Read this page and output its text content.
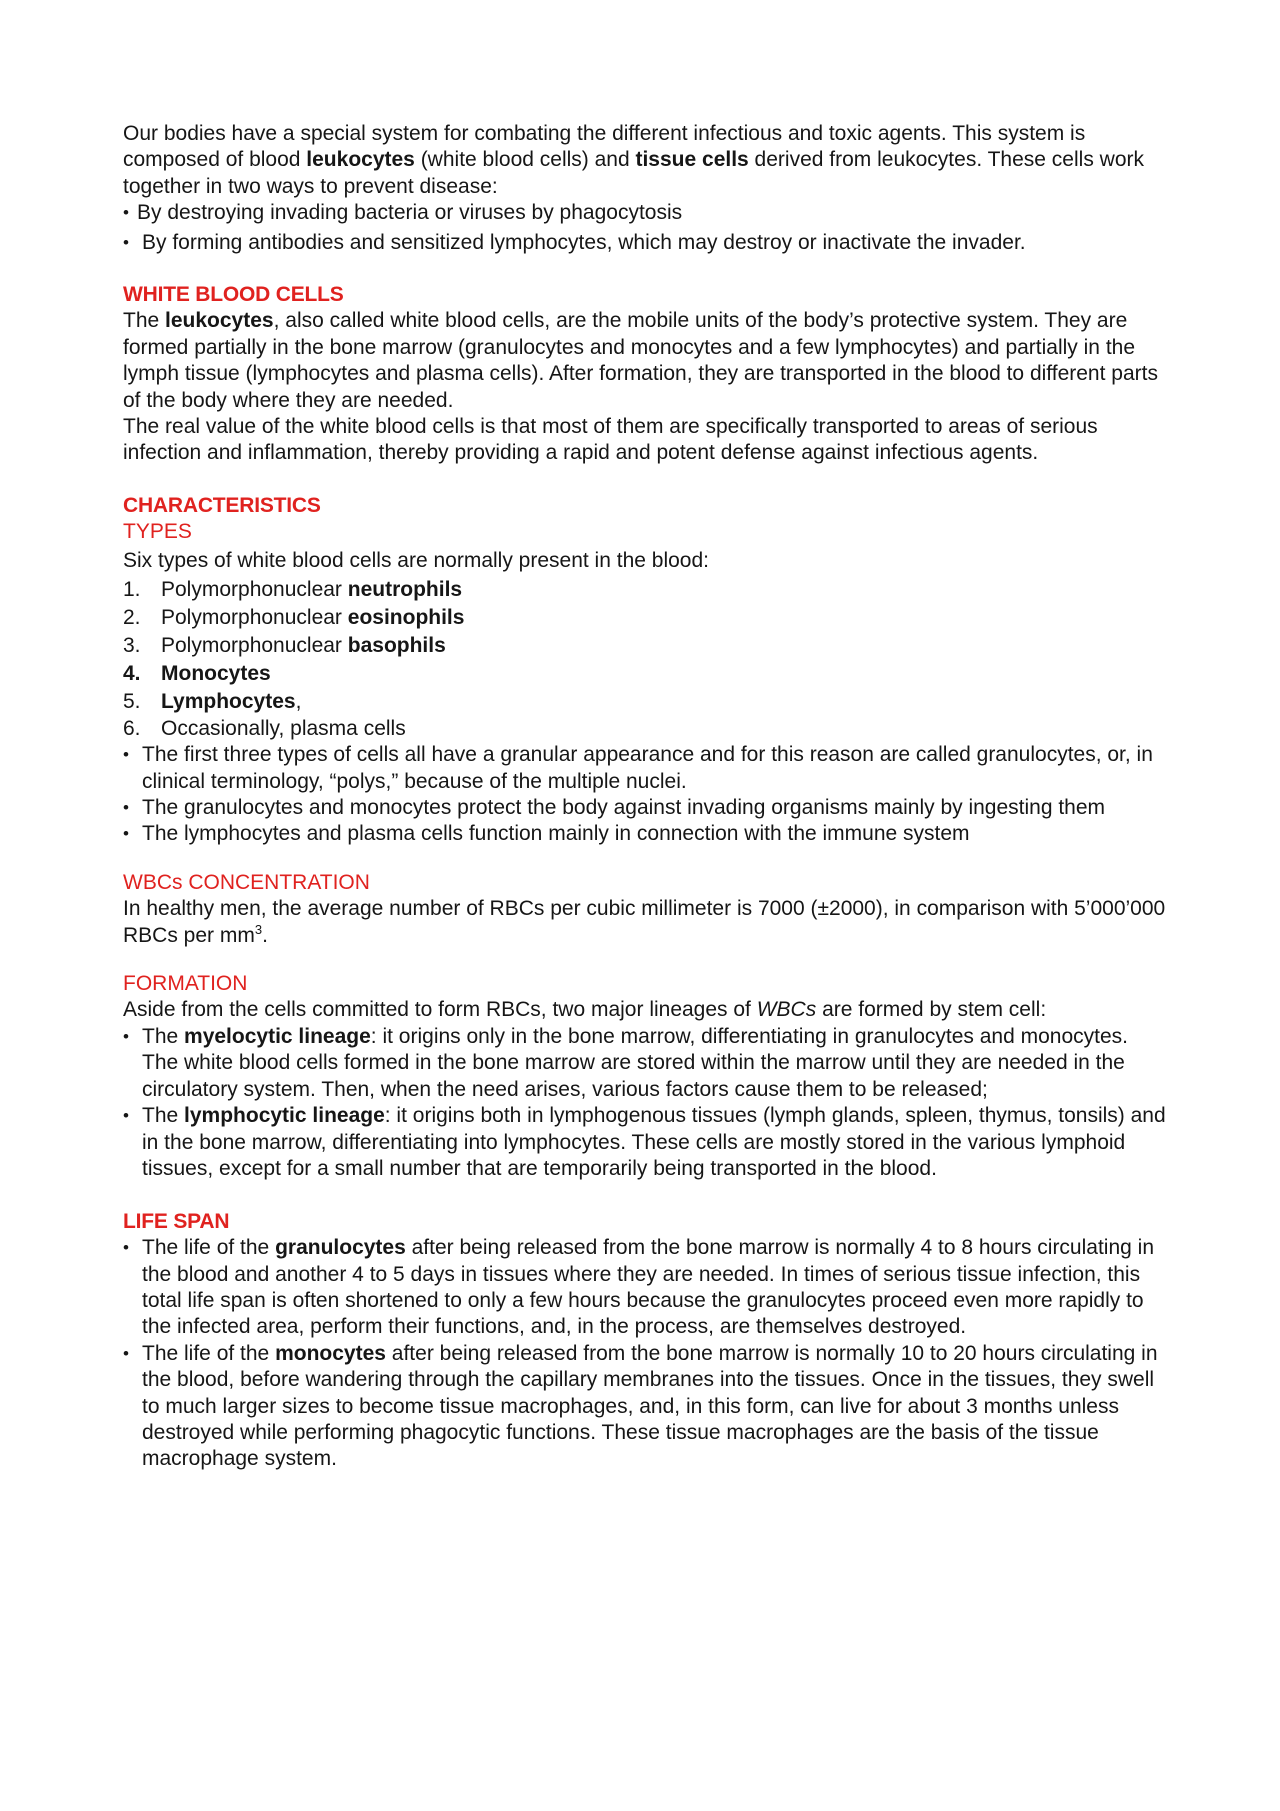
Our bodies have a special system for combating the different infectious and toxic agents. This system is composed of blood leukocytes (white blood cells) and tissue cells derived from leukocytes. These cells work together in two ways to prevent disease:

• By destroying invading bacteria or viruses by phagocytosis
• By forming antibodies and sensitized lymphocytes, which may destroy or inactivate the invader.
WHITE BLOOD CELLS

The leukocytes, also called white blood cells, are the mobile units of the body’s protective system. They are formed partially in the bone marrow (granulocytes and monocytes and a few lymphocytes) and partially in the lymph tissue (lymphocytes and plasma cells). After formation, they are transported in the blood to different parts of the body where they are needed.

The real value of the white blood cells is that most of them are specifically transported to areas of serious infection and inflammation, thereby providing a rapid and potent defense against infectious agents.

CHARACTERISTICS
TYPES

Six types of white blood cells are normally present in the blood:

1. Polymorphonuclear neutrophils
2. Polymorphonuclear eosinophils
3. Polymorphonuclear basophils
4. Monocytes
5. Lymphocytes,
6. Occasionally, plasma cells
• The first three types of cells all have a granular appearance and for this reason are called granulocytes, or, in clinical terminology, “polys,” because of the multiple nuclei.
• The granulocytes and monocytes protect the body against invading organisms mainly by ingesting them
• The lymphocytes and plasma cells function mainly in connection with the immune system
WBCs CONCENTRATION

In healthy men, the average number of RBCs per cubic millimeter is 7000 (±2000), in comparison with 5’000’000 RBCs per $mm^3$.

FORMATION

Aside from the cells committed to form RBCs, two major lineages of WBCs are formed by stem cell:

• The myelocytic lineage: it origins only in the bone marrow, differentiating in granulocytes and monocytes. The white blood cells formed in the bone marrow are stored within the marrow until they are needed in the circulatory system. Then, when the need arises, various factors cause them to be released;
• The lymphocytic lineage: it origins both in lymphogenous tissues (lymph glands, spleen, thymus, tonsils) and in the bone marrow, differentiating into lymphocytes. These cells are mostly stored in the various lymphoid tissues, except for a small number that are temporarily being transported in the blood.
LIFE SPAN
• The life of the granulocytes after being released from the bone marrow is normally 4 to 8 hours circulating in the blood and another 4 to 5 days in tissues where they are needed. In times of serious tissue infection, this total life span is often shortened to only a few hours because the granulocytes proceed even more rapidly to the infected area, perform their functions, and, in the process, are themselves destroyed.
• The life of the monocytes after being released from the bone marrow is normally 10 to 20 hours circulating in the blood, before wandering through the capillary membranes into the tissues. Once in the tissues, they swell to much larger sizes to become tissue macrophages, and, in this form, can live for about 3 months unless destroyed while performing phagocytic functions. These tissue macrophages are the basis of the tissue macrophage system.
